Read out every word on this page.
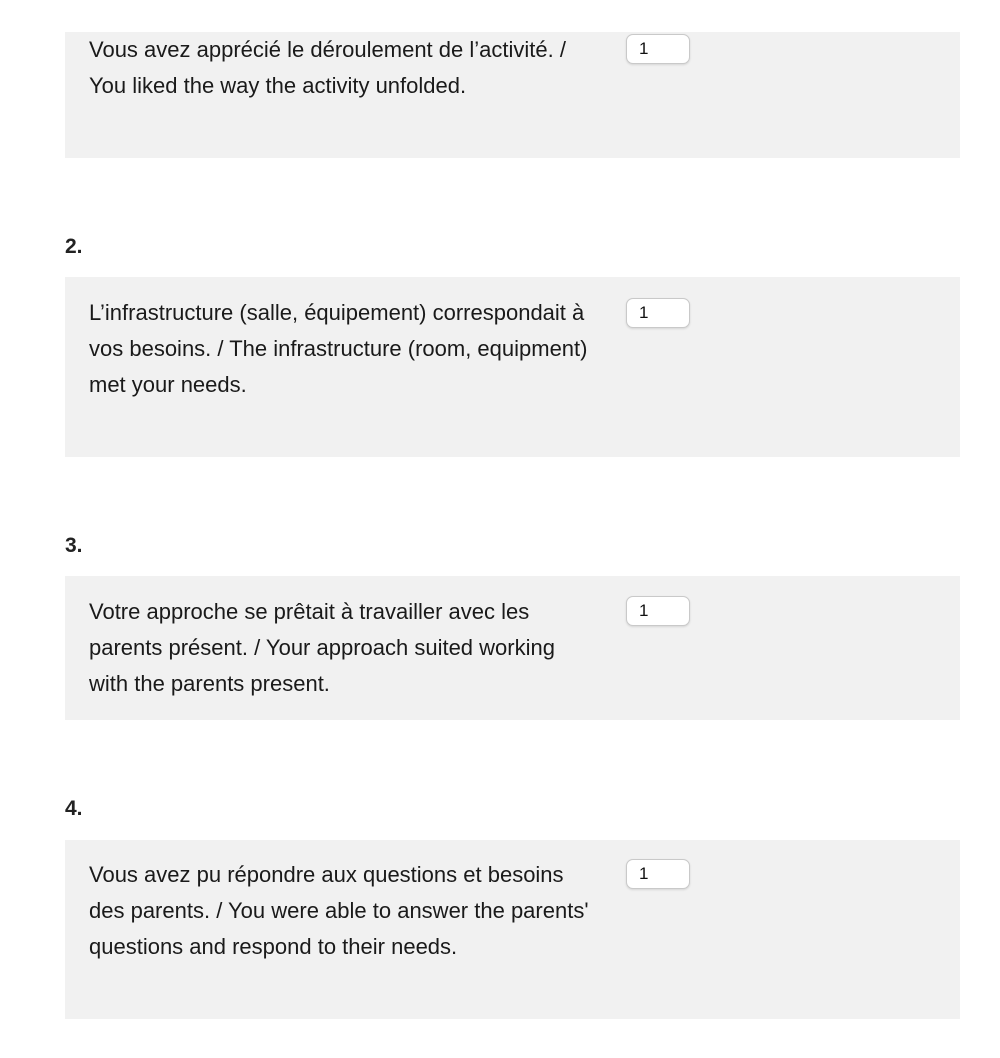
Vous avez apprécié le déroulement de l’activité. / You liked the way the activity unfolded.
1
2.
L’infrastructure (salle, équipement) correspondait à vos besoins. / The infrastructure (room, equipment) met your needs.
1
3.
Votre approche se prêtait à travailler avec les parents présent. / Your approach suited working with the parents present.
1
4.
Vous avez pu répondre aux questions et besoins des parents. / You were able to answer the parents' questions and respond to their needs.
1
